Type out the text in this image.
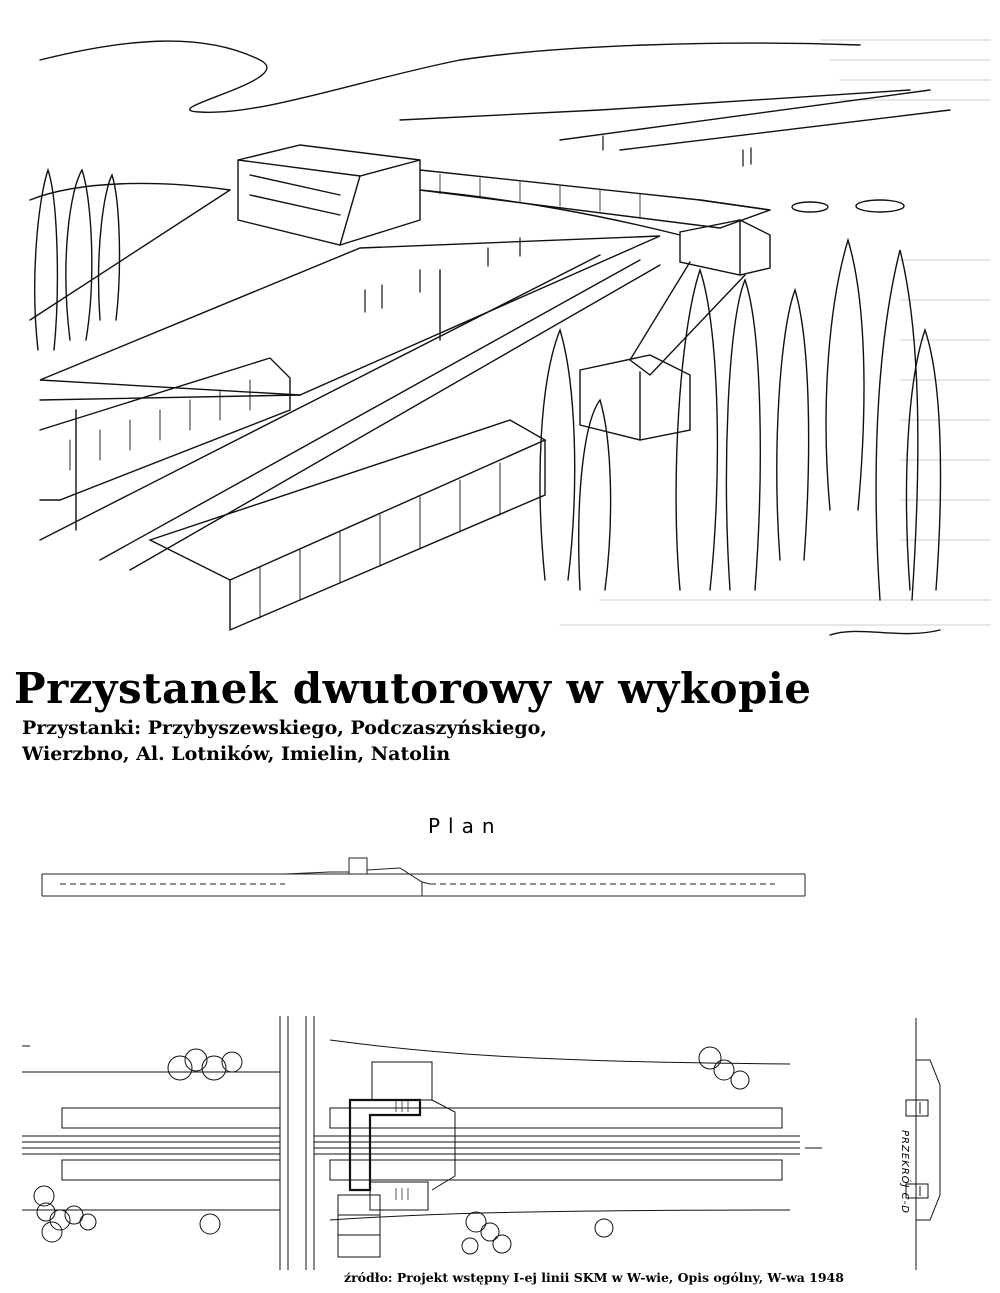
Przystanek dwutorowy w wykopie
Przystanki: Przybyszewskiego, Podczaszyńskiego,
Wierzbno, Al. Lotników, Imielin, Natolin
Plan
PRZEKRÓJ C-D
źródło: Projekt wstępny I-ej linii SKM w W-wie, Opis ogólny, W-wa 1948
